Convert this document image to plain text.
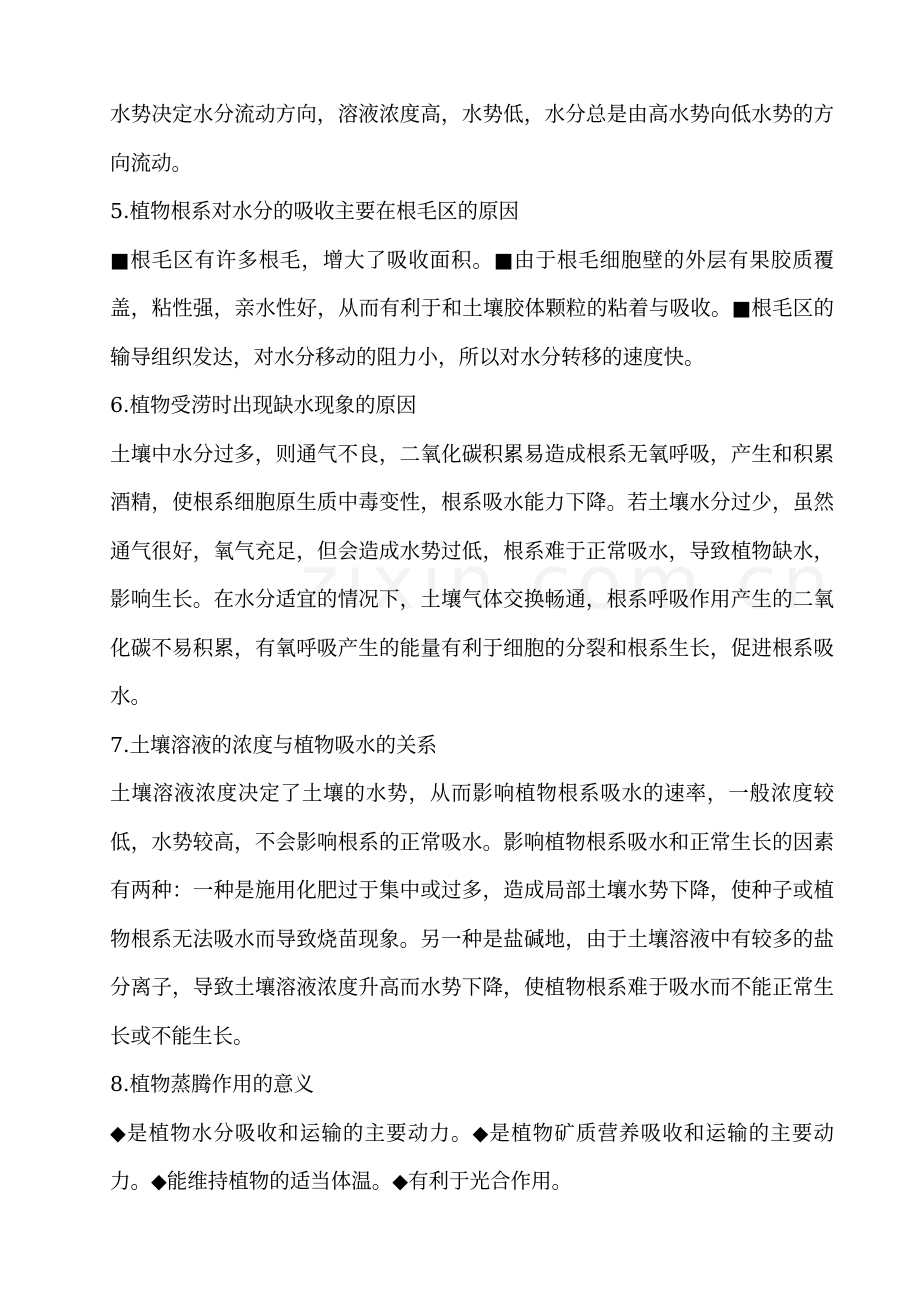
水势决定水分流动方向，溶液浓度高，水势低，水分总是由高水势向低水势的方向流动。

5.植物根系对水分的吸收主要在根毛区的原因

■根毛区有许多根毛，增大了吸收面积。■由于根毛细胞壁的外层有果胶质覆盖，粘性强，亲水性好，从而有利于和土壤胶体颗粒的粘着与吸收。■根毛区的输导组织发达，对水分移动的阻力小，所以对水分转移的速度快。

6.植物受涝时出现缺水现象的原因

土壤中水分过多，则通气不良，二氧化碳积累易造成根系无氧呼吸，产生和积累酒精，使根系细胞原生质中毒变性，根系吸水能力下降。若土壤水分过少，虽然通气很好，氧气充足，但会造成水势过低，根系难于正常吸水，导致植物缺水，影响生长。在水分适宜的情况下，土壤气体交换畅通，根系呼吸作用产生的二氧化碳不易积累，有氧呼吸产生的能量有利于细胞的分裂和根系生长，促进根系吸水。

7.土壤溶液的浓度与植物吸水的关系

土壤溶液浓度决定了土壤的水势，从而影响植物根系吸水的速率，一般浓度较低，水势较高，不会影响根系的正常吸水。影响植物根系吸水和正常生长的因素有两种：一种是施用化肥过于集中或过多，造成局部土壤水势下降，使种子或植物根系无法吸水而导致烧苗现象。另一种是盐碱地，由于土壤溶液中有较多的盐分离子，导致土壤溶液浓度升高而水势下降，使植物根系难于吸水而不能正常生长或不能生长。

8.植物蒸腾作用的意义

◆是植物水分吸收和运输的主要动力。◆是植物矿质营养吸收和运输的主要动力。◆能维持植物的适当体温。◆有利于光合作用。
